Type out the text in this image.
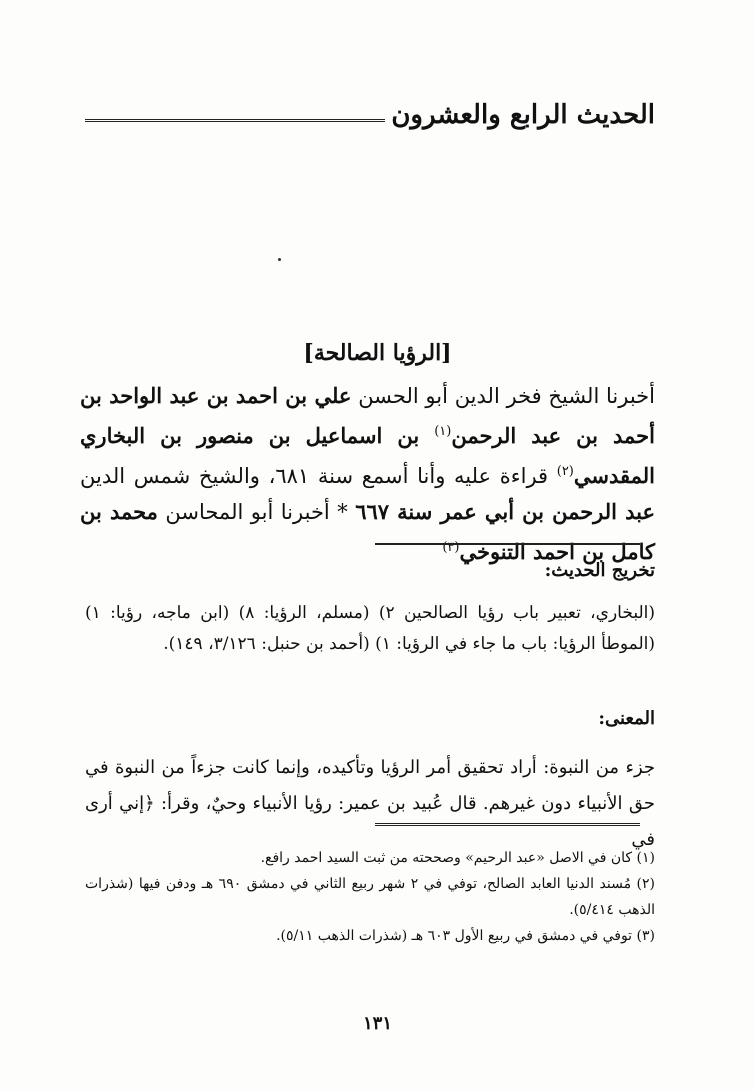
الحديث الرابع والعشرون
[الرؤيا الصالحة]

أخبرنا الشيخ فخر الدين أبو الحسن علي بن احمد بن عبد الواحد بن أحمد بن عبد الرحمن$^{(١)}$ بن اسماعيل بن منصور بن البخاري المقدسي$^{(٢)}$ قراءة عليه وأنا أسمع سنة ٦٨١، والشيخ شمس الدين عبد الرحمن بن أبي عمر سنة ٦٦٧ * أخبرنا أبو المحاسن محمد بن كامل بن احمد التنوخي$^{(٣)}$

تخريج الحديث:
(البخاري، تعبير باب رؤيا الصالحين ٢) (مسلم، الرؤيا: ٨) (ابن ماجه، رؤيا: ١) (الموطأ الرؤيا: باب ما جاء في الرؤيا: ١) (أحمد بن حنبل: ٣/١٢٦، ١٤٩).
المعنى:
جزء من النبوة: أراد تحقيق أمر الرؤيا وتأكيده، وإنما كانت جزءاً من النبوة في حق الأنبياء دون غيرهم. قال عُبيد بن عمير: رؤيا الأنبياء وحيٌ، وقرأ: ﴿إني أرى في
(١) كان في الاصل «عبد الرحيم» وصححته من ثبت السيد احمد رافع.
(٢) مُسند الدنيا العابد الصالح، توفي في ٢ شهر ربيع الثاني في دمشق ٦٩٠ هـ ودفن فيها (شذرات الذهب ٥/٤١٤).
(٣) توفي في دمشق في ربيع الأول ٦٠٣ هـ (شذرات الذهب ٥/١١).
١٣١
